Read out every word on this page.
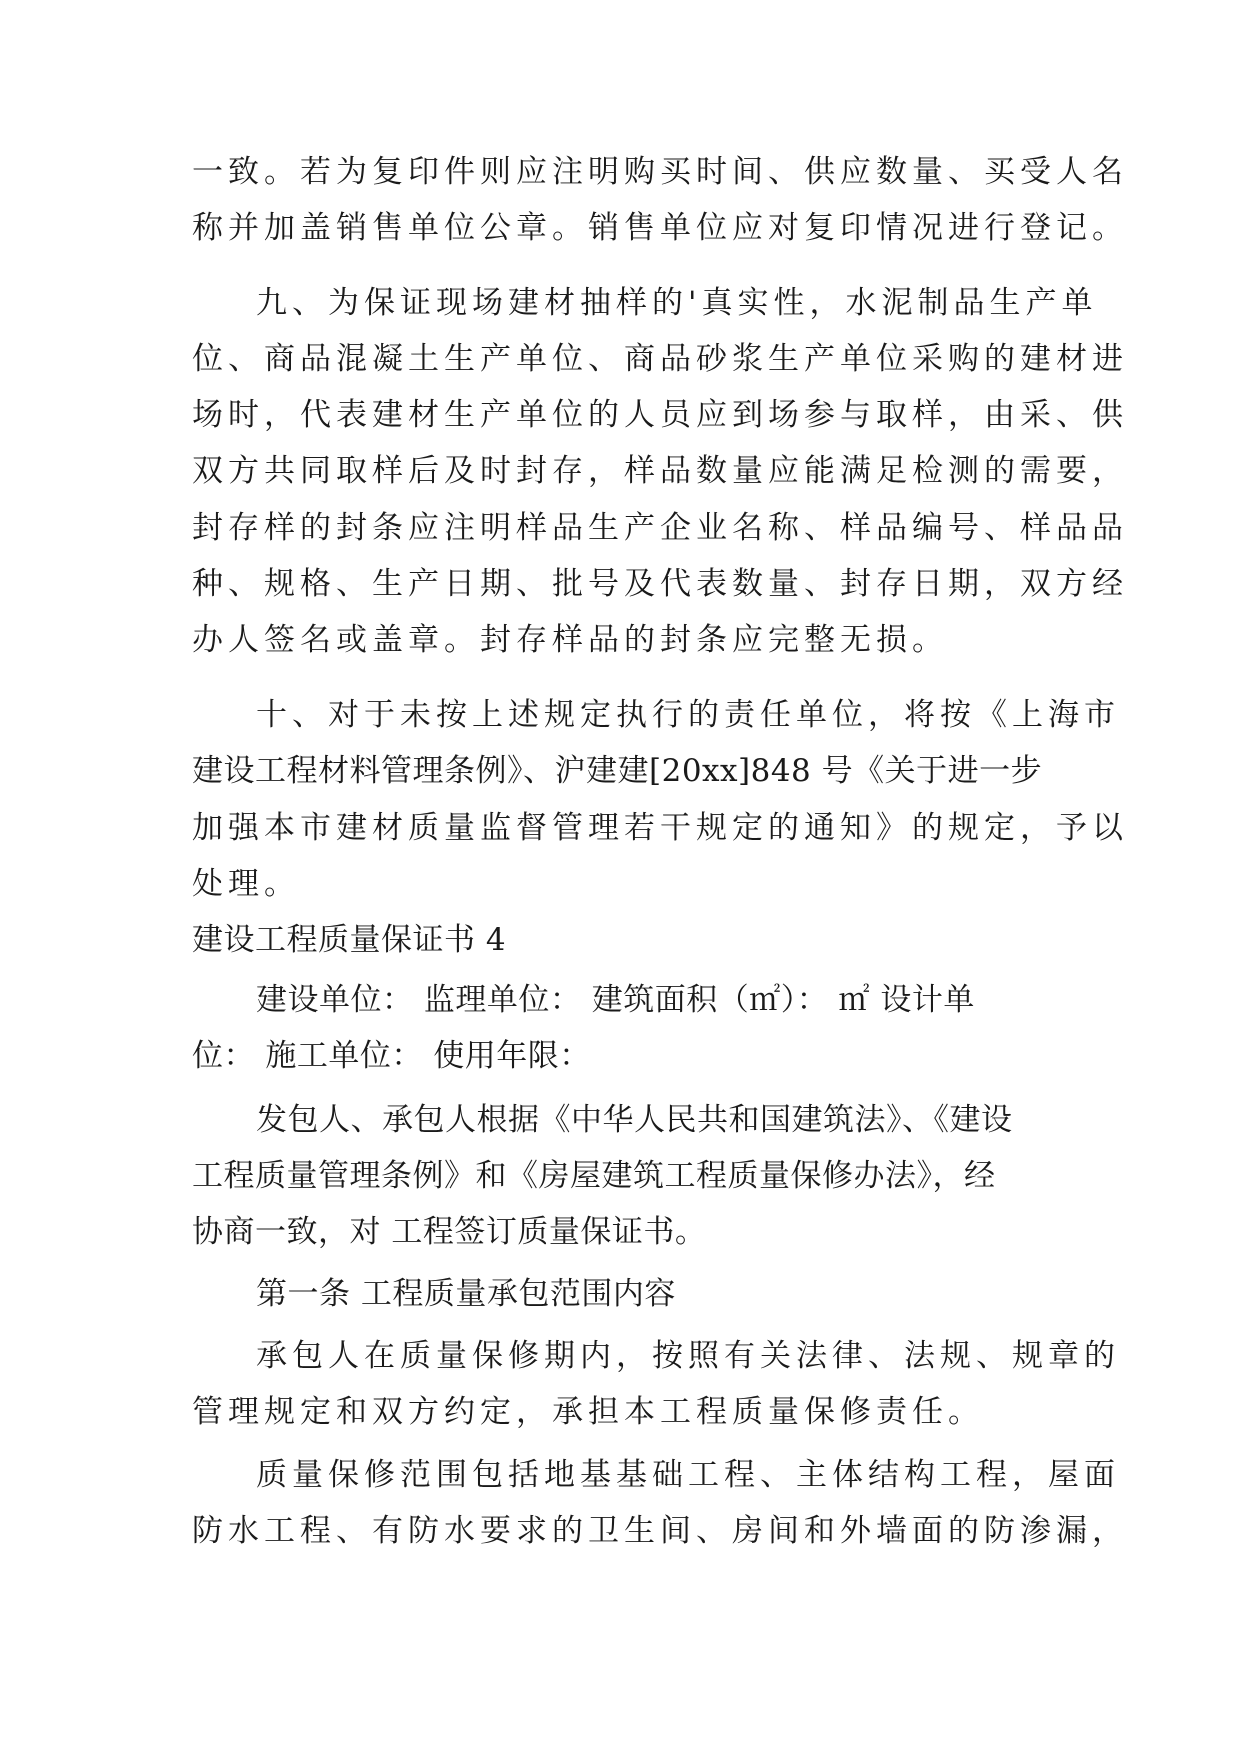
一致。若为复印件则应注明购买时间、供应数量、买受人名
称并加盖销售单位公章。销售单位应对复印情况进行登记。
九、为保证现场建材抽样的'真实性，水泥制品生产单
位、商品混凝土生产单位、商品砂浆生产单位采购的建材进
场时，代表建材生产单位的人员应到场参与取样，由采、供
双方共同取样后及时封存，样品数量应能满足检测的需要，
封存样的封条应注明样品生产企业名称、样品编号、样品品
种、规格、生产日期、批号及代表数量、封存日期，双方经
办人签名或盖章。封存样品的封条应完整无损。
十、对于未按上述规定执行的责任单位，将按《上海市
建设工程材料管理条例》、沪建建[20xx]848 号《关于进一步
加强本市建材质量监督管理若干规定的通知》的规定，予以
处理。
建设工程质量保证书 4
建设单位： 监理单位： 建筑面积（㎡）： ㎡ 设计单
位： 施工单位： 使用年限：
发包人、承包人根据《中华人民共和国建筑法》、《建设
工程质量管理条例》和《房屋建筑工程质量保修办法》，经
协商一致，对 工程签订质量保证书。
第一条 工程质量承包范围内容
承包人在质量保修期内，按照有关法律、法规、规章的
管理规定和双方约定，承担本工程质量保修责任。
质量保修范围包括地基基础工程、主体结构工程，屋面
防水工程、有防水要求的卫生间、房间和外墙面的防渗漏，
